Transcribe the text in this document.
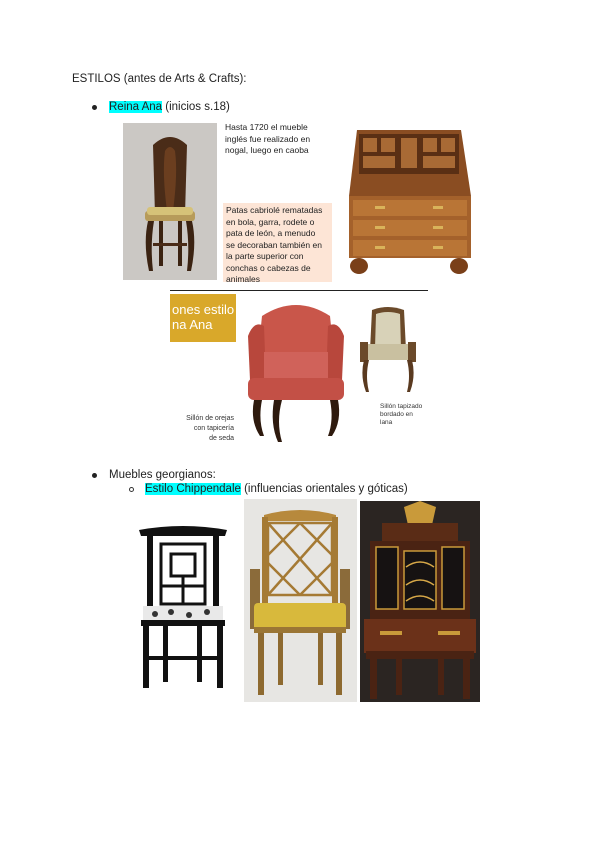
ESTILOS (antes de Arts & Crafts):
Reina Ana (inicios s.18)
Hasta 1720 el mueble
inglés fue realizado en
nogal, luego en caoba
Patas cabriolé rematadas
en bola, garra, rodete o
pata de león, a menudo
se decoraban también en
la parte superior con
conchas o cabezas de
animales
ones estilo
na Ana
Sillón de orejas
con tapicería
de seda
Sillón tapizado
bordado en
lana
Muebles georgianos:
Estilo Chippendale (influencias orientales y góticas)
